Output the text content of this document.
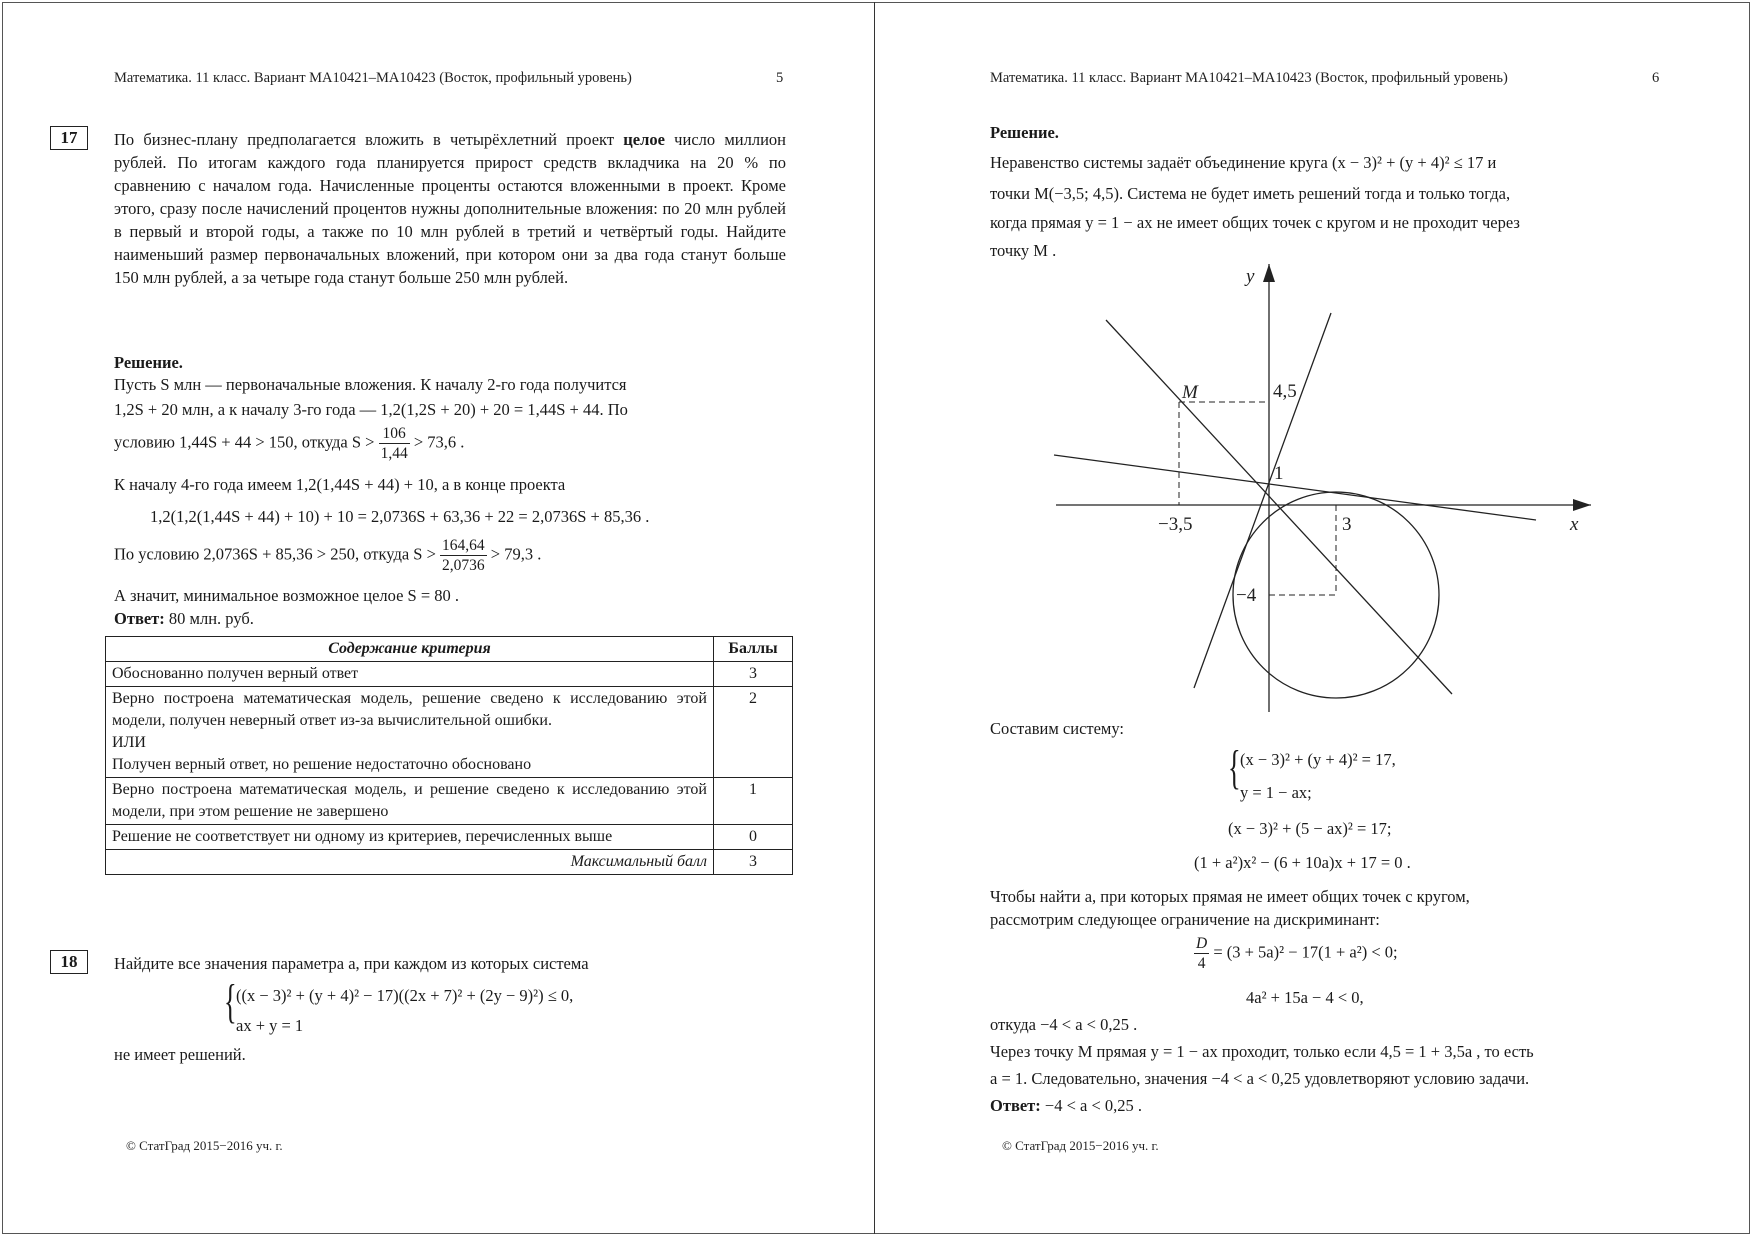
Математика. 11 класс. Вариант МА10421–МА10423 (Восток, профильный уровень)	5
17	По бизнес-плану предполагается вложить в четырёхлетний проект целое число миллион рублей. По итогам каждого года планируется прирост средств вкладчика на 20 % по сравнению с началом года. Начисленные проценты остаются вложенными в проект. Кроме этого, сразу после начислений процентов нужны дополнительные вложения: по 20 млн рублей в первый и второй годы, а также по 10 млн рублей в третий и четвёртый годы. Найдите наименьший размер первоначальных вложений, при котором они за два года станут больше 150 млн рублей, а за четыре года станут больше 250 млн рублей.
Решение.
Пусть S млн — первоначальные вложения. К началу 2-го года получится
1,2S + 20 млн, а к началу 3-го года — 1,2(1,2S + 20) + 20 = 1,44S + 44. По
условию 1,44S + 44 > 150, откуда $S > \frac{106}{1,44} > 73,6$ .
К началу 4-го года имеем 1,2(1,44S + 44) + 10, а в конце проекта
1,2(1,2(1,44S + 44) + 10) + 10 = 2,0736S + 63,36 + 22 = 2,0736S + 85,36 .
По условию 2,0736S + 85,36 > 250, откуда $S > \frac{164,64}{2,0736} > 79,3$ .
А значит, минимальное возможное целое S = 80 .
Ответ: 80 млн. руб.
Содержание критерия	Баллы
Обоснованно получен верный ответ	3

Верно построена математическая модель, решение сведено к исследованию этой модели, получен неверный ответ из-за вычислительной ошибки.
ИЛИ
Получен верный ответ, но решение недостаточно обосновано	2
Верно построена математическая модель, и решение сведено к исследованию этой модели, при этом решение не завершено	1
Решение не соответствует ни одному из критериев, перечисленных выше	0
Максимальный балл	3
18	Найдите все значения параметра a, при каждом из которых система
{ ((x − 3)² + (y + 4)² − 17)((2x + 7)² + (2y − 9)²) ≤ 0,
ax + y = 1
не имеет решений.
© СтатГрад 2015−2016 уч. г.
Математика. 11 класс. Вариант МА10421–МА10423 (Восток, профильный уровень)	6
Решение.
Неравенство системы задаёт объединение круга (x − 3)² + (y + 4)² ≤ 17 и
точки M(−3,5; 4,5). Система не будет иметь решений тогда и только тогда,
когда прямая y = 1 − ax не имеет общих точек с кругом и не проходит через
точку M .
y
x
M	4,5
1
−3,5	3
−4
Составим систему:
{ (x − 3)² + (y + 4)² = 17,
y = 1 − ax;
(x − 3)² + (5 − ax)² = 17;
(1 + a²)x² − (6 + 10a)x + 17 = 0 .
Чтобы найти a, при которых прямая не имеет общих точек с кругом,
рассмотрим следующее ограничение на дискриминант:
$\frac{D}{4} = (3 + 5a)^2 - 17(1 + a^2) < 0$;
4a² + 15a − 4 < 0,
откуда −4 < a < 0,25 .
Через точку M прямая y = 1 − ax проходит, только если 4,5 = 1 + 3,5a , то есть
a = 1. Следовательно, значения −4 < a < 0,25 удовлетворяют условию задачи.
Ответ: −4 < a < 0,25 .
© СтатГрад 2015−2016 уч. г.
